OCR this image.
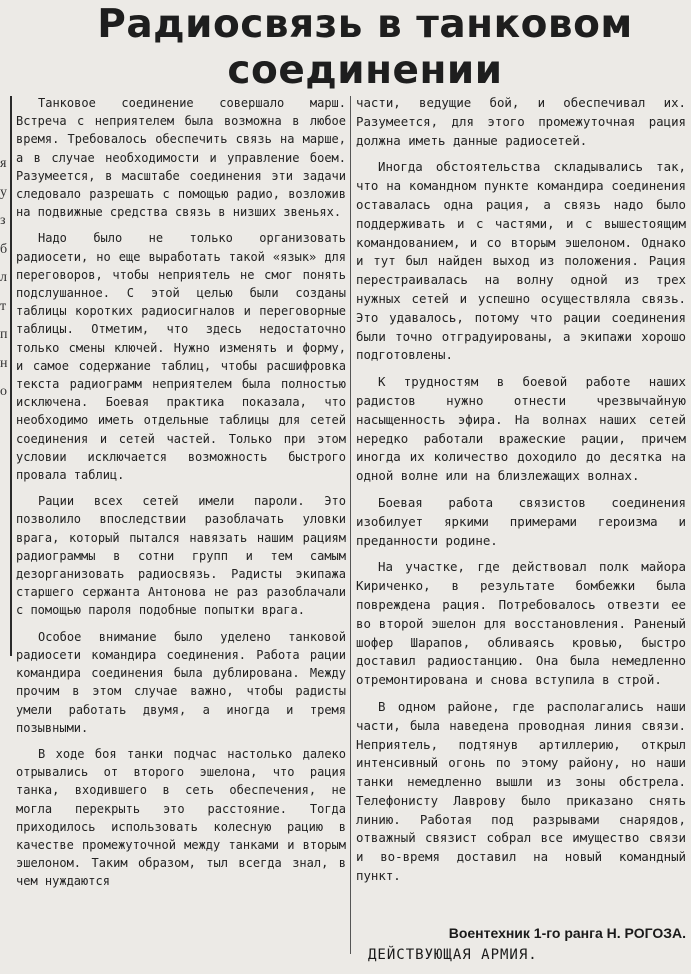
я
у
з
б
л
т
п
н
о
Радиосвязь в танковом соединении

Танковое соединение совершало марш. Встреча с неприятелем была возможна в любое время. Требовалось обеспечить связь на марше, а в случае необходимости и управление боем. Разумеется, в масштабе соединения эти задачи следовало разрешать с помощью радио, возложив на подвижные средства связь в низших звеньях.

Надо было не только организовать радиосети, но еще выработать такой «язык» для переговоров, чтобы неприятель не смог понять подслушанное. С этой целью были созданы таблицы коротких радиосигналов и переговорные таблицы. Отметим, что здесь недостаточно только смены ключей. Нужно изменять и форму, и самое содержание таблиц, чтобы расшифровка текста радиограмм неприятелем была полностью исключена. Боевая практика показала, что необходимо иметь отдельные таблицы для сетей соединения и сетей частей. Только при этом условии исключается возможность быстрого провала таблиц.

Рации всех сетей имели пароли. Это позволило впоследствии разоблачать уловки врага, который пытался навязать нашим рациям радиограммы в сотни групп и тем самым дезорганизовать радиосвязь. Радисты экипажа старшего сержанта Антонова не раз разоблачали с помощью пароля подобные попытки врага.

Особое внимание было уделено танковой радиосети командира соединения. Работа рации командира соединения была дублирована. Между прочим в этом случае важно, чтобы радисты умели работать двумя, а иногда и тремя позывными.

В ходе боя танки подчас настолько далеко отрывались от второго эшелона, что рация танка, входившего в сеть обеспечения, не могла перекрыть это расстояние. Тогда приходилось использовать колесную рацию в качестве промежуточной между танками и вторым эшелоном. Таким образом, тыл всегда знал, в чем нуждаются

части, ведущие бой, и обеспечивал их. Разумеется, для этого промежуточная рация должна иметь данные радиосетей.

Иногда обстоятельства складывались так, что на командном пункте командира соединения оставалась одна рация, а связь надо было поддерживать и с частями, и с вышестоящим командованием, и со вторым эшелоном. Однако и тут был найден выход из положения. Рация перестраивалась на волну одной из трех нужных сетей и успешно осуществляла связь. Это удавалось, потому что рации соединения были точно отградуированы, а экипажи хорошо подготовлены.

К трудностям в боевой работе наших радистов нужно отнести чрезвычайную насыщенность эфира. На волнах наших сетей нередко работали вражеские рации, причем иногда их количество доходило до десятка на одной волне или на близлежащих волнах.

Боевая работа связистов соединения изобилует яркими примерами героизма и преданности родине.

На участке, где действовал полк майора Кириченко, в результате бомбежки была повреждена рация. Потребовалось отвезти ее во второй эшелон для восстановления. Раненый шофер Шарапов, обливаясь кровью, быстро доставил радиостанцию. Она была немедленно отремонтирована и снова вступила в строй.

В одном районе, где располагались наши части, была наведена проводная линия связи. Неприятель, подтянув артиллерию, открыл интенсивный огонь по этому району, но наши танки немедленно вышли из зоны обстрела. Телефонисту Лаврову было приказано снять линию. Работая под разрывами снарядов, отважный связист собрал все имущество связи и во-время доставил на новый командный пункт.

Воентехник 1-го ранга Н. РОГОЗА.
ДЕЙСТВУЮЩАЯ АРМИЯ.
